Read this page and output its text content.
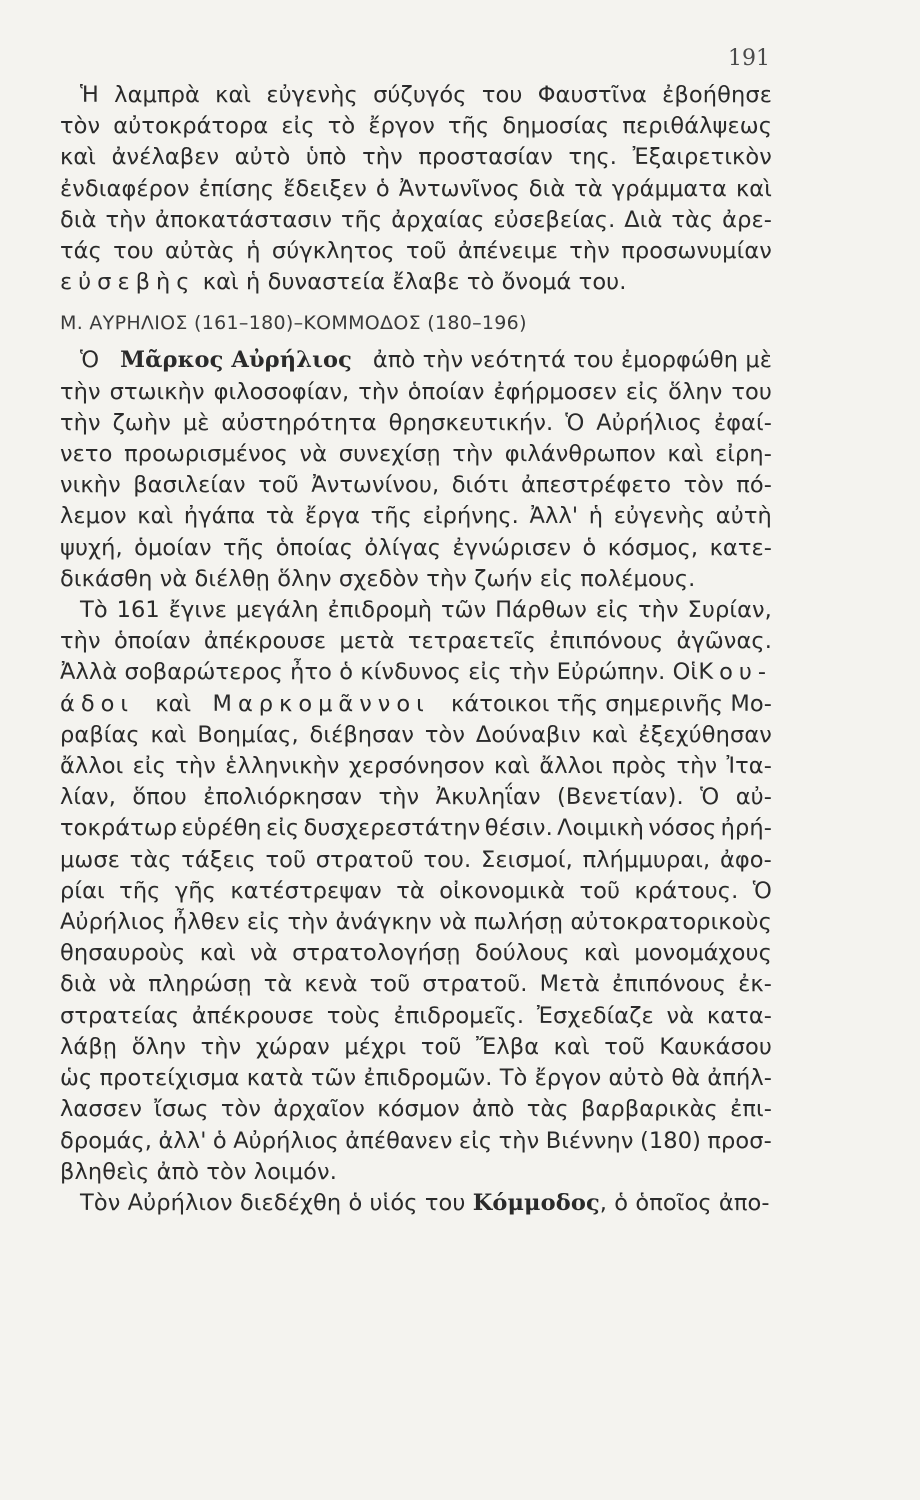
191
Ἡ λαμπρὰ καὶ εὐγενὴς σύζυγός του Φαυστῖνα ἐβοήθησε
τὸν αὐτοκράτορα εἰς τὸ ἔργον τῆς δημοσίας περιθάλψεως
καὶ ἀνέλαβεν αὐτὸ ὑπὸ τὴν προστασίαν της. Ἐξαιρετικὸν
ἐνδιαφέρον ἐπίσης ἔδειξεν ὁ Ἀντωνῖνος διὰ τὰ γράμματα καὶ
διὰ τὴν ἀποκατάστασιν τῆς ἀρχαίας εὐσεβείας. Διὰ τὰς ἀρε-
τάς του αὐτὰς ἡ σύγκλητος τοῦ ἀπένειμε τὴν προσωνυμίαν
εὐσεβὴς
καὶ ἡ δυναστεία ἔλαβε τὸ ὄνομά του.
Μ. ΑΥΡΗΛΙΟΣ (161–180)–ΚΟΜΜΟΔΟΣ (180–196)
Ὁ
Μᾶρκος Αὐρήλιος
ἀπὸ τὴν νεότητά του ἐμορφώθη μὲ
τὴν στωικὴν φιλοσοφίαν, τὴν ὁποίαν ἐφήρμοσεν εἰς ὅλην του
τὴν ζωὴν μὲ αὐστηρότητα θρησκευτικήν. Ὁ Αὐρήλιος ἐφαί-
νετο προωρισμένος νὰ συνεχίσῃ τὴν φιλάνθρωπον καὶ εἰρη-
νικὴν βασιλείαν τοῦ Ἀντωνίνου, διότι ἀπεστρέφετο τὸν πό-
λεμον καὶ ἠγάπα τὰ ἔργα τῆς εἰρήνης. Ἀλλ' ἡ εὐγενὴς αὐτὴ
ψυχή, ὁμοίαν τῆς ὁποίας ὀλίγας ἐγνώρισεν ὁ κόσμος, κατε-
δικάσθη νὰ διέλθῃ ὅλην σχεδὸν τὴν ζωήν εἰς πολέμους.
Τὸ 161 ἔγινε μεγάλη ἐπιδρομὴ τῶν Πάρθων εἰς τὴν Συρίαν,
τὴν ὁποίαν ἀπέκρουσε μετὰ τετραετεῖς ἐπιπόνους ἀγῶνας.
Ἀλλὰ σοβαρώτερος ἦτο ὁ κίνδυνος εἰς τὴν Εὐρώπην. Οἱ Κου-
άδοι καὶ Μαρκομᾶννοι κάτοικοι τῆς σημερινῆς Μο-
ραβίας καὶ Βοημίας, διέβησαν τὸν Δούναβιν καὶ ἐξεχύθησαν
ἄλλοι εἰς τὴν ἑλληνικὴν χερσόνησον καὶ ἄλλοι πρὸς τὴν Ἰτα-
λίαν, ὅπου ἐπολιόρκησαν τὴν Ἀκυληΐαν (Βενετίαν). Ὁ αὐ-
τοκράτωρ εὑρέθη εἰς δυσχερεστάτην θέσιν. Λοιμικὴ νόσος ἠρή-
μωσε τὰς τάξεις τοῦ στρατοῦ του. Σεισμοί, πλήμμυραι, ἀφο-
ρίαι τῆς γῆς κατέστρεψαν τὰ οἰκονομικὰ τοῦ κράτους. Ὁ
Αὐρήλιος ἦλθεν εἰς τὴν ἀνάγκην νὰ πωλήσῃ αὐτοκρατορικοὺς
θησαυροὺς καὶ νὰ στρατολογήσῃ δούλους καὶ μονομάχους
διὰ νὰ πληρώσῃ τὰ κενὰ τοῦ στρατοῦ. Μετὰ ἐπιπόνους ἐκ-
στρατείας ἀπέκρουσε τοὺς ἐπιδρομεῖς. Ἐσχεδίαζε νὰ κατα-
λάβῃ ὅλην τὴν χώραν μέχρι τοῦ Ἔλβα καὶ τοῦ Καυκάσου
ὡς προτείχισμα κατὰ τῶν ἐπιδρομῶν. Τὸ ἔργον αὐτὸ θὰ ἀπήλ-
λασσεν ἴσως τὸν ἀρχαῖον κόσμον ἀπὸ τὰς βαρβαρικὰς ἐπι-
δρομάς, ἀλλ' ὁ Αὐρήλιος ἀπέθανεν εἰς τὴν Βιέννην (180) προσ-
βληθεὶς ἀπὸ τὸν λοιμόν.
Τὸν Αὐρήλιον διεδέχθη ὁ υἱός του
Κόμμοδος , ὁ ὁποῖος ἀπο-
